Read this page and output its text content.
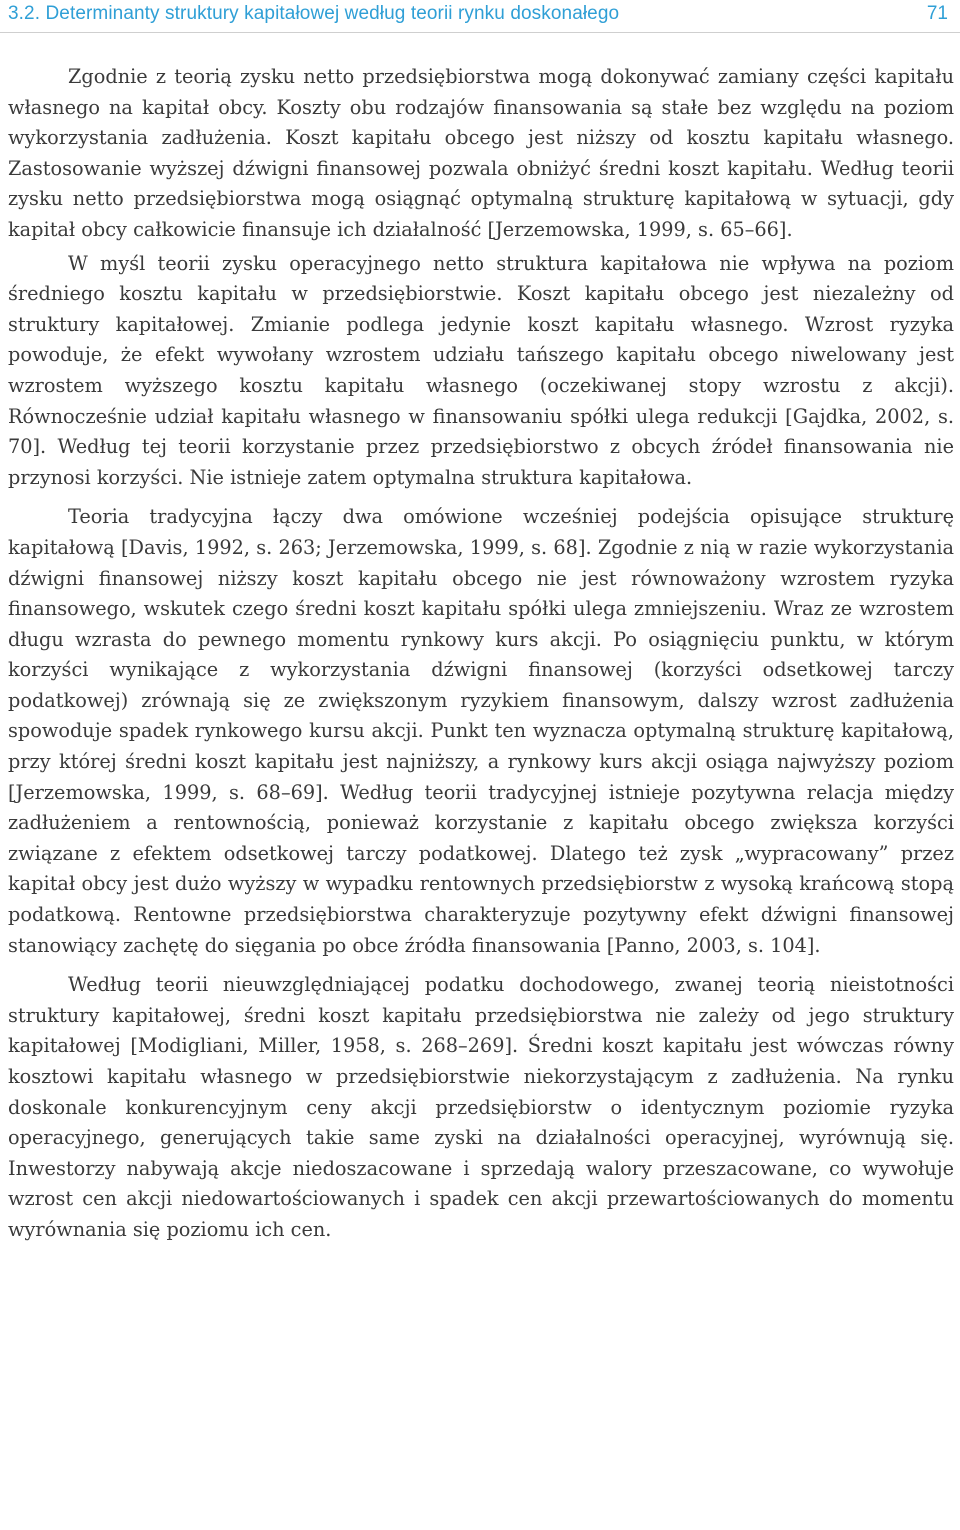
3.2. Determinanty struktury kapitałowej według teorii rynku doskonałego	71

Zgodnie z teorią zysku netto przedsiębiorstwa mogą dokonywać zamiany części kapitału własnego na kapitał obcy. Koszty obu rodzajów finansowania są stałe bez względu na poziom wykorzystania zadłużenia. Koszt kapitału obcego jest niższy od kosztu kapitału własnego. Zastosowanie wyższej dźwigni finansowej pozwala obniżyć średni koszt kapitału. Według teorii zysku netto przedsiębiorstwa mogą osiągnąć optymalną strukturę kapitałową w sytuacji, gdy kapitał obcy całkowicie finansuje ich działalność [Jerzemowska, 1999, s. 65–66].

W myśl teorii zysku operacyjnego netto struktura kapitałowa nie wpływa na poziom średniego kosztu kapitału w przedsiębiorstwie. Koszt kapitału obcego jest niezależny od struktury kapitałowej. Zmianie podlega jedynie koszt kapitału własnego. Wzrost ryzyka powoduje, że efekt wywołany wzrostem udziału tańszego kapitału obcego niwelowany jest wzrostem wyższego kosztu kapitału własnego (oczekiwanej stopy wzrostu z akcji). Równocześnie udział kapitału własnego w finansowaniu spółki ulega redukcji [Gajdka, 2002, s. 70]. Według tej teorii korzystanie przez przedsiębiorstwo z obcych źródeł finansowania nie przynosi korzyści. Nie istnieje zatem optymalna struktura kapitałowa.

Teoria tradycyjna łączy dwa omówione wcześniej podejścia opisujące strukturę kapitałową [Davis, 1992, s. 263; Jerzemowska, 1999, s. 68]. Zgodnie z nią w razie wykorzystania dźwigni finansowej niższy koszt kapitału obcego nie jest równoważony wzrostem ryzyka finansowego, wskutek czego średni koszt kapitału spółki ulega zmniejszeniu. Wraz ze wzrostem długu wzrasta do pewnego momentu rynkowy kurs akcji. Po osiągnięciu punktu, w którym korzyści wynikające z wykorzystania dźwigni finansowej (korzyści odsetkowej tarczy podatkowej) zrównają się ze zwiększonym ryzykiem finansowym, dalszy wzrost zadłużenia spowoduje spadek rynkowego kursu akcji. Punkt ten wyznacza optymalną strukturę kapitałową, przy której średni koszt kapitału jest najniższy, a rynkowy kurs akcji osiąga najwyższy poziom [Jerzemowska, 1999, s. 68–69]. Według teorii tradycyjnej istnieje pozytywna relacja między zadłużeniem a rentownością, ponieważ korzystanie z kapitału obcego zwiększa korzyści związane z efektem odsetkowej tarczy podatkowej. Dlatego też zysk „wypracowany” przez kapitał obcy jest dużo wyższy w wypadku rentownych przedsiębiorstw z wysoką krańcową stopą podatkową. Rentowne przedsiębiorstwa charakteryzuje pozytywny efekt dźwigni finansowej stanowiący zachętę do sięgania po obce źródła finansowania [Panno, 2003, s. 104].

Według teorii nieuwzględniającej podatku dochodowego, zwanej teorią nieistotności struktury kapitałowej, średni koszt kapitału przedsiębiorstwa nie zależy od jego struktury kapitałowej [Modigliani, Miller, 1958, s. 268–269]. Średni koszt kapitału jest wówczas równy kosztowi kapitału własnego w przedsiębiorstwie niekorzystającym z zadłużenia. Na rynku doskonale konkurencyjnym ceny akcji przedsiębiorstw o identycznym poziomie ryzyka operacyjnego, generujących takie same zyski na działalności operacyjnej, wyrównują się. Inwestorzy nabywają akcje niedoszacowane i sprzedają walory przeszacowane, co wywołuje wzrost cen akcji niedowartościowanych i spadek cen akcji przewartościowanych do momentu wyrównania się poziomu ich cen.
